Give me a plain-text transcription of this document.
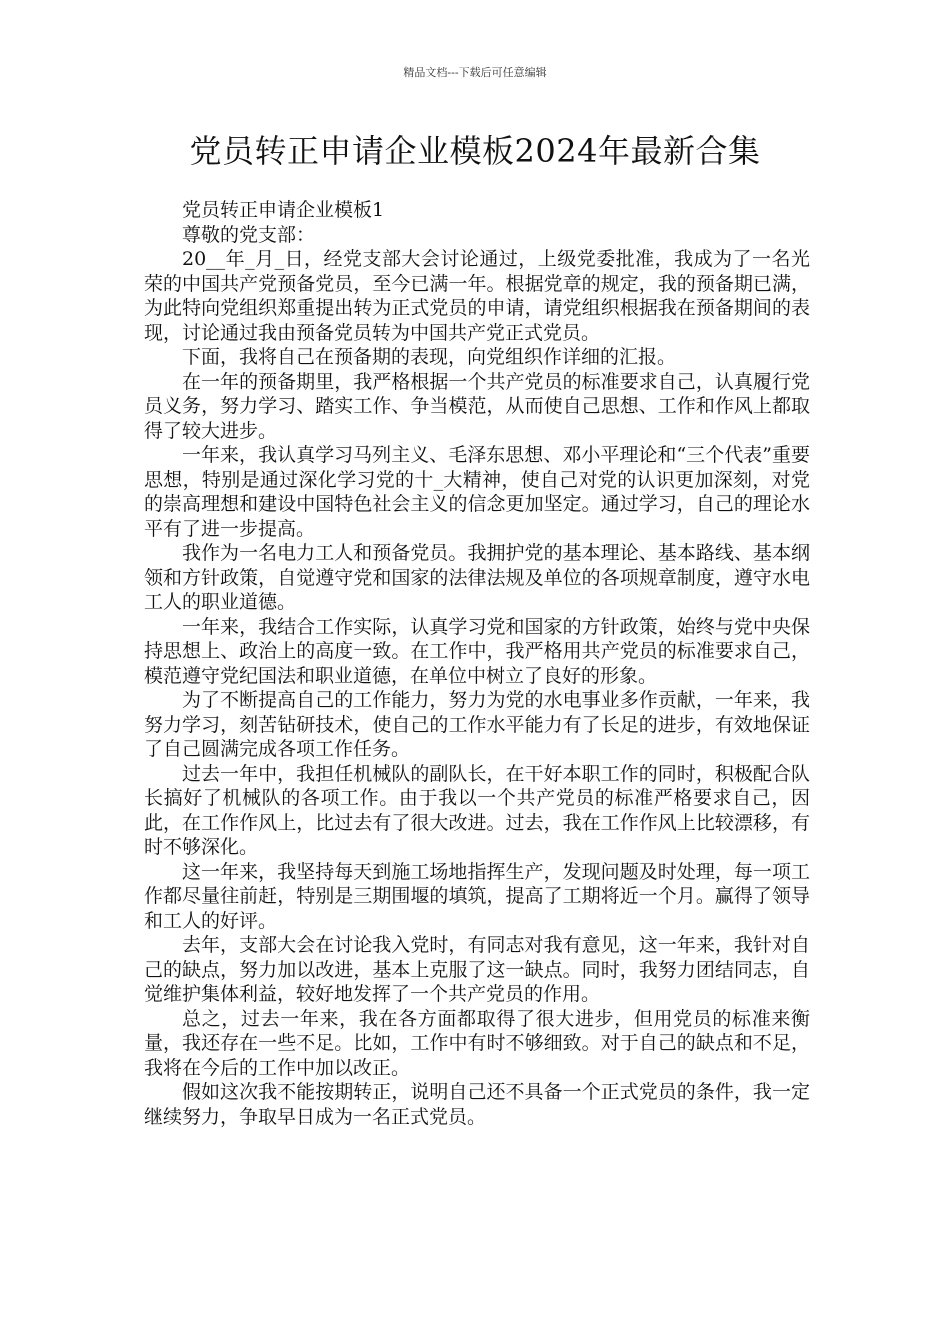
精品文档---下载后可任意编辑
党员转正申请企业模板2024年最新合集

党员转正申请企业模板1

尊敬的党支部：

20__年_月_日，经党支部大会讨论通过，上级党委批准，我成为了一名光荣的中国共产党预备党员，至今已满一年。根据党章的规定，我的预备期已满，为此特向党组织郑重提出转为正式党员的申请，请党组织根据我在预备期间的表现，讨论通过我由预备党员转为中国共产党正式党员。

下面，我将自己在预备期的表现，向党组织作详细的汇报。

在一年的预备期里，我严格根据一个共产党员的标准要求自己，认真履行党员义务，努力学习、踏实工作、争当模范，从而使自己思想、工作和作风上都取得了较大进步。

一年来，我认真学习马列主义、毛泽东思想、邓小平理论和“三个代表”重要思想，特别是通过深化学习党的十_大精神，使自己对党的认识更加深刻，对党的崇高理想和建设中国特色社会主义的信念更加坚定。通过学习，自己的理论水平有了进一步提高。

我作为一名电力工人和预备党员。我拥护党的基本理论、基本路线、基本纲领和方针政策，自觉遵守党和国家的法律法规及单位的各项规章制度，遵守水电工人的职业道德。

一年来，我结合工作实际，认真学习党和国家的方针政策，始终与党中央保持思想上、政治上的高度一致。在工作中，我严格用共产党员的标准要求自己，模范遵守党纪国法和职业道德，在单位中树立了良好的形象。

为了不断提高自己的工作能力，努力为党的水电事业多作贡献，一年来，我努力学习，刻苦钻研技术，使自己的工作水平能力有了长足的进步，有效地保证了自己圆满完成各项工作任务。

过去一年中，我担任机械队的副队长，在干好本职工作的同时，积极配合队长搞好了机械队的各项工作。由于我以一个共产党员的标准严格要求自己，因此，在工作作风上，比过去有了很大改进。过去，我在工作作风上比较漂移，有时不够深化。

这一年来，我坚持每天到施工场地指挥生产，发现问题及时处理，每一项工作都尽量往前赶，特别是三期围堰的填筑，提高了工期将近一个月。赢得了领导和工人的好评。

去年，支部大会在讨论我入党时，有同志对我有意见，这一年来，我针对自己的缺点，努力加以改进，基本上克服了这一缺点。同时，我努力团结同志，自觉维护集体利益，较好地发挥了一个共产党员的作用。

总之，过去一年来，我在各方面都取得了很大进步，但用党员的标准来衡量，我还存在一些不足。比如，工作中有时不够细致。对于自己的缺点和不足，我将在今后的工作中加以改正。

假如这次我不能按期转正，说明自己还不具备一个正式党员的条件，我一定继续努力，争取早日成为一名正式党员。
